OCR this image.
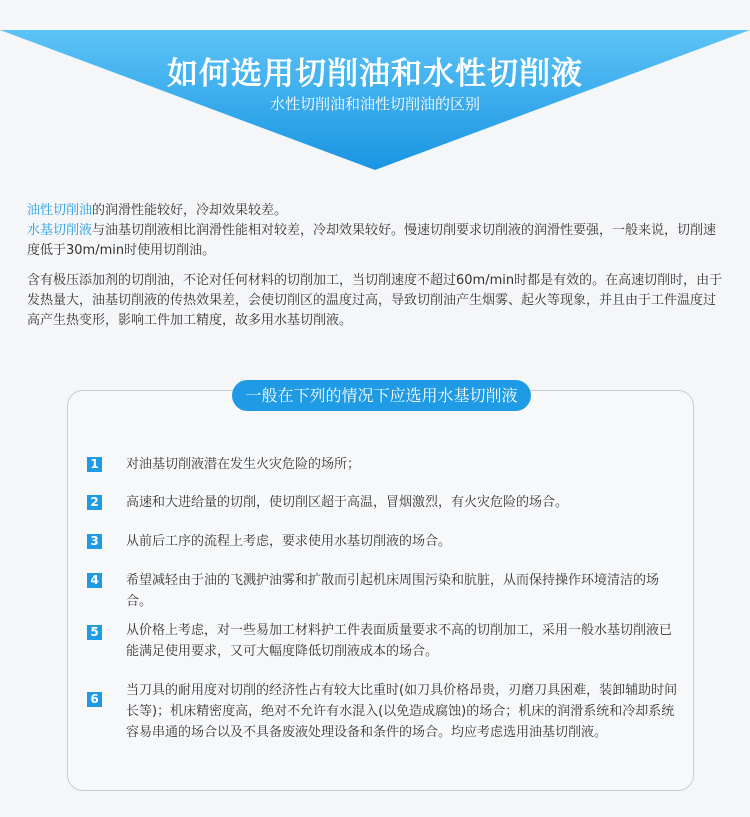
如何选用切削油和水性切削液
水性切削油和油性切削油的区别

油性切削油的润滑性能较好，冷却效果较差。
水基切削液与油基切削液相比润滑性能相对较差，冷却效果较好。慢速切削要求切削液的润滑性要强，一般来说，切削速度低于30m/min时使用切削油。

含有极压添加剂的切削油，不论对任何材料的切削加工，当切削速度不超过60m/min时都是有效的。在高速切削时，由于发热量大，油基切削液的传热效果差，会使切削区的温度过高，导致切削油产生烟雾、起火等现象，并且由于工件温度过高产生热变形，影响工件加工精度，故多用水基切削液。

一般在下列的情况下应选用水基切削液
1 对油基切削液潜在发生火灾危险的场所；
2 高速和大进给量的切削，使切削区超于高温，冒烟激烈，有火灾危险的场合。
3 从前后工序的流程上考虑，要求使用水基切削液的场合。
4 希望减轻由于油的飞溅护油雾和扩散而引起机床周围污染和肮脏，从而保持操作环境清洁的场合。
5 从价格上考虑，对一些易加工材料护工件表面质量要求不高的切削加工，采用一般水基切削液已能满足使用要求，又可大幅度降低切削液成本的场合。
6
当刀具的耐用度对切削的经济性占有较大比重时(如刀具价格昂贵，刃磨刀具困难，装卸辅助时间长等)；机床精密度高，绝对不允许有水混入(以免造成腐蚀)的场合；机床的润滑系统和冷却系统容易串通的场合以及不具备废液处理设备和条件的场合。均应考虑选用油基切削液。
